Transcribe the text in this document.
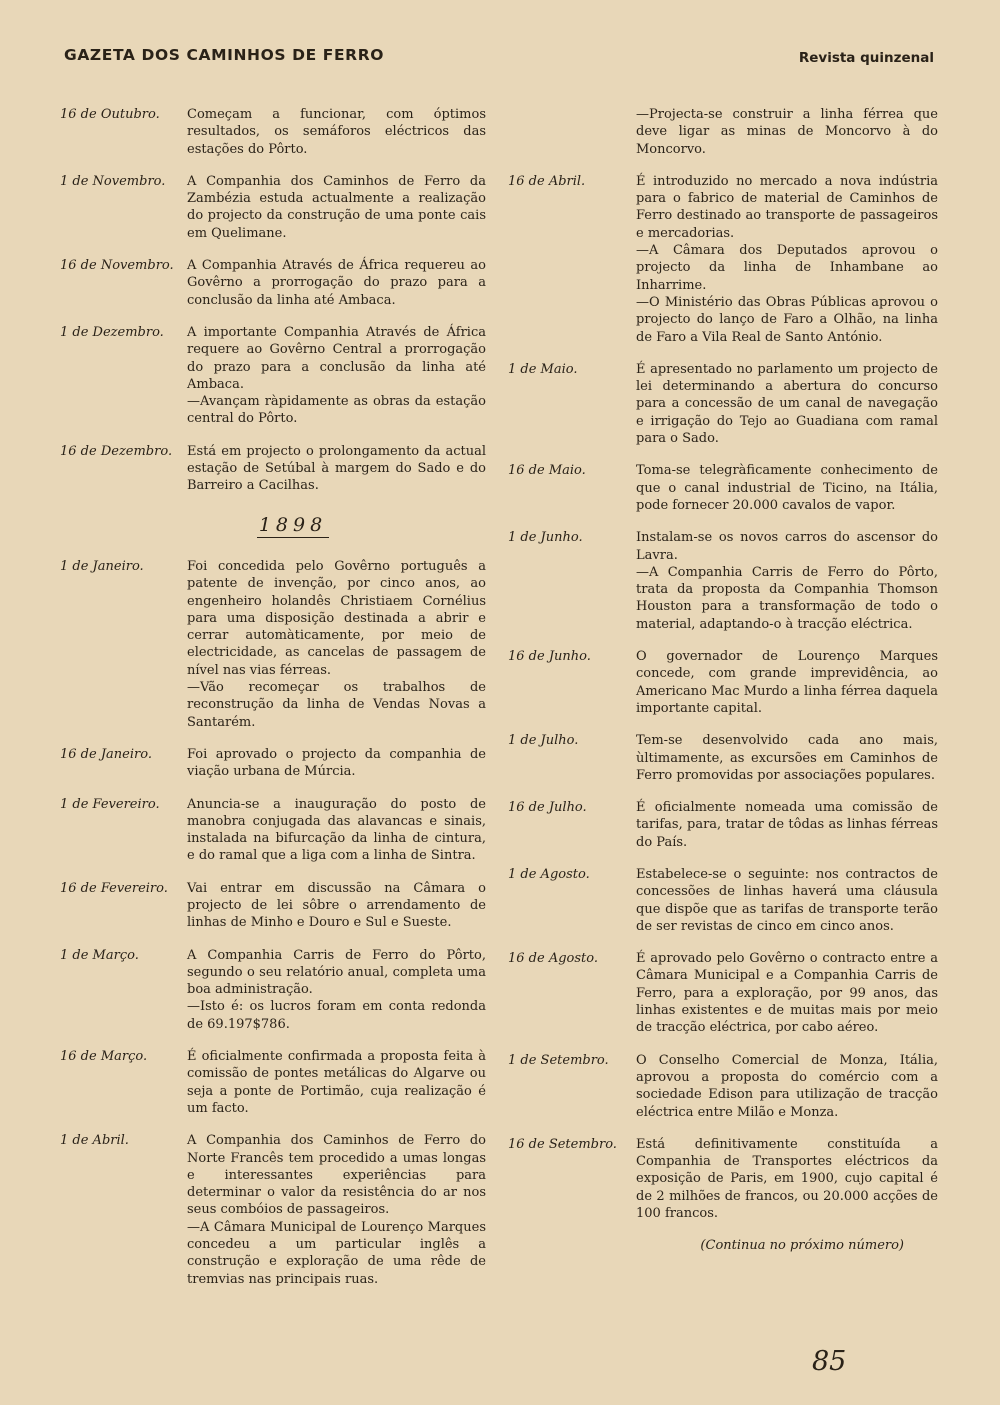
GAZETA DOS CAMINHOS DE FERRO	Revista quinzenal
16 de Outubro.	Começam a funcionar, com óptimos resultados, os semáforos eléctricos das estações do Pôrto.

1 de Novembro.	A Companhia dos Caminhos de Ferro da Zambézia estuda actualmente a realização do projecto da construção de uma ponte cais em Quelimane.

16 de Novembro.	A Companhia Através de África requereu ao Govêrno a prorrogação do prazo para a conclusão da linha até Ambaca.

1 de Dezembro.	A importante Companhia Através de África requere ao Govêrno Central a prorrogação do prazo para a conclusão da linha até Ambaca.

—Avançam ràpidamente as obras da estação central do Pôrto.

16 de Dezembro.	Está em projecto o prolongamento da actual estação de Setúbal à margem do Sado e do Barreiro a Cacilhas.

1898
1 de Janeiro.	Foi concedida pelo Govêrno português a patente de invenção, por cinco anos, ao engenheiro holandês Christiaem Cornélius para uma disposição destinada a abrir e cerrar automàticamente, por meio de electricidade, as cancelas de passagem de nível nas vias férreas.

—Vão recomeçar os trabalhos de reconstrução da linha de Vendas Novas a Santarém.

16 de Janeiro.	Foi aprovado o projecto da companhia de viação urbana de Múrcia.

1 de Fevereiro.	Anuncia-se a inauguração do posto de manobra conjugada das alavancas e sinais, instalada na bifurcação da linha de cintura, e do ramal que a liga com a linha de Sintra.

16 de Fevereiro.	Vai entrar em discussão na Câmara o projecto de lei sôbre o arrendamento de linhas de Minho e Douro e Sul e Sueste.

1 de Março.	A Companhia Carris de Ferro do Pôrto, segundo o seu relatório anual, completa uma boa administração.

—Isto é: os lucros foram em conta redonda de 69.197$786.

16 de Março.	É oficialmente confirmada a proposta feita à comissão de pontes metálicas do Algarve ou seja a ponte de Portimão, cuja realização é um facto.

1 de Abril.	A Companhia dos Caminhos de Ferro do Norte Francês tem procedido a umas longas e interessantes experiências para determinar o valor da resistência do ar nos seus combóios de passageiros.

—A Câmara Municipal de Lourenço Marques concedeu a um particular inglês a construção e exploração de uma rêde de tremvias nas principais ruas.

—Projecta-se construir a linha férrea que deve ligar as minas de Moncorvo à do Moncorvo.

16 de Abril.	É introduzido no mercado a nova indústria para o fabrico de material de Caminhos de Ferro destinado ao transporte de passageiros e mercadorias.

—A Câmara dos Deputados aprovou o projecto da linha de Inhambane ao Inharrime.

—O Ministério das Obras Públicas aprovou o projecto do lanço de Faro a Olhão, na linha de Faro a Vila Real de Santo António.

1 de Maio.	É apresentado no parlamento um projecto de lei determinando a abertura do concurso para a concessão de um canal de navegação e irrigação do Tejo ao Guadiana com ramal para o Sado.

16 de Maio.	Toma-se telegràficamente conhecimento de que o canal industrial de Ticino, na Itália, pode fornecer 20.000 cavalos de vapor.

1 de Junho.	Instalam-se os novos carros do ascensor do Lavra.

—A Companhia Carris de Ferro do Pôrto, trata da proposta da Companhia Thomson Houston para a transformação de todo o material, adaptando-o à tracção eléctrica.

16 de Junho.	O governador de Lourenço Marques concede, com grande imprevidência, ao Americano Mac Murdo a linha férrea daquela importante capital.

1 de Julho.	Tem-se desenvolvido cada ano mais, ùltimamente, as excursões em Caminhos de Ferro promovidas por associações populares.

16 de Julho.	É oficialmente nomeada uma comissão de tarifas, para, tratar de tôdas as linhas férreas do País.

1 de Agosto.	Estabelece-se o seguinte: nos contractos de concessões de linhas haverá uma cláusula que dispõe que as tarifas de transporte terão de ser revistas de cinco em cinco anos.

16 de Agosto.	É aprovado pelo Govêrno o contracto entre a Câmara Municipal e a Companhia Carris de Ferro, para a exploração, por 99 anos, das linhas existentes e de muitas mais por meio de tracção eléctrica, por cabo aéreo.

1 de Setembro.	O Conselho Comercial de Monza, Itália, aprovou a proposta do comércio com a sociedade Edison para utilização de tracção eléctrica entre Milão e Monza.

16 de Setembro.	Está definitivamente constituída a Companhia de Transportes eléctricos da exposição de Paris, em 1900, cujo capital é de 2 milhões de francos, ou 20.000 acções de 100 francos.

(Continua no próximo número)
85
